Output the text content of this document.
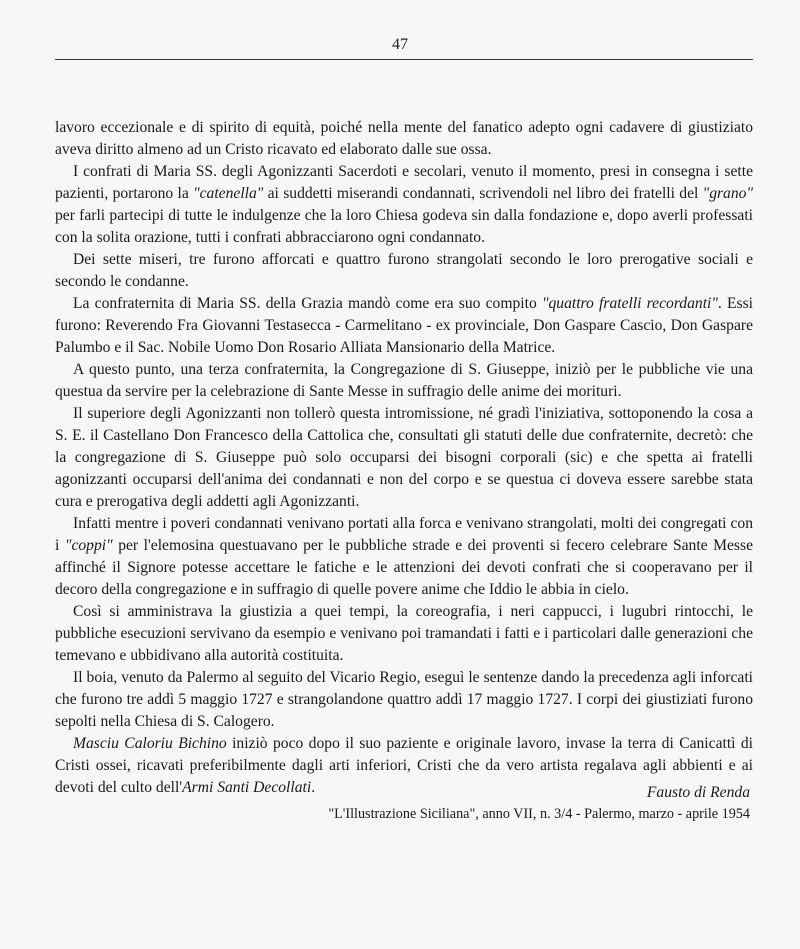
47

lavoro eccezionale e di spirito di equità, poiché nella mente del fanatico adepto ogni cadavere di giustiziato aveva diritto almeno ad un Cristo ricavato ed elaborato dalle sue ossa.

I confrati di Maria SS. degli Agonizzanti Sacerdoti e secolari, venuto il momento, presi in consegna i sette pazienti, portarono la "catenella" ai suddetti miserandi condannati, scrivendoli nel libro dei fratelli del "grano" per farli partecipi di tutte le indulgenze che la loro Chiesa godeva sin dalla fondazione e, dopo averli professati con la solita orazione, tutti i confrati abbracciarono ogni condannato.

Dei sette miseri, tre furono afforcati e quattro furono strangolati secondo le loro prerogative sociali e secondo le condanne.

La confraternita di Maria SS. della Grazia mandò come era suo compito "quattro fratelli recordanti". Essi furono: Reverendo Fra Giovanni Testasecca - Carmelitano - ex provinciale, Don Gaspare Cascio, Don Gaspare Palumbo e il Sac. Nobile Uomo Don Rosario Alliata Mansionario della Matrice.

A questo punto, una terza confraternita, la Congregazione di S. Giuseppe, iniziò per le pubbliche vie una questua da servire per la celebrazione di Sante Messe in suffragio delle anime dei morituri.

Il superiore degli Agonizzanti non tollerò questa intromissione, né gradì l'iniziativa, sottoponendo la cosa a S. E. il Castellano Don Francesco della Cattolica che, consultati gli statuti delle due confraternite, decretò: che la congregazione di S. Giuseppe può solo occuparsi dei bisogni corporali (sic) e che spetta ai fratelli agonizzanti occuparsi dell'anima dei condannati e non del corpo e se questua ci doveva essere sarebbe stata cura e prerogativa degli addetti agli Agonizzanti.

Infatti mentre i poveri condannati venivano portati alla forca e venivano strangolati, molti dei congregati con i "coppi" per l'elemosina questuavano per le pubbliche strade e dei proventi si fecero celebrare Sante Messe affinché il Signore potesse accettare le fatiche e le attenzioni dei devoti confrati che si cooperavano per il decoro della congregazione e in suffragio di quelle povere anime che Iddio le abbia in cielo.

Così si amministrava la giustizia a quei tempi, la coreografia, i neri cappucci, i lugubri rintocchi, le pubbliche esecuzioni servivano da esempio e venivano poi tramandati i fatti e i particolari dalle generazioni che temevano e ubbidivano alla autorità costituita.

Il boia, venuto da Palermo al seguito del Vicario Regio, eseguì le sentenze dando la precedenza agli inforcati che furono tre addì 5 maggio 1727 e strangolandone quattro addì 17 maggio 1727. I corpi dei giustiziati furono sepolti nella Chiesa di S. Calogero.

Masciu Caloriu Bichino iniziò poco dopo il suo paziente e originale lavoro, invase la terra di Canicattì di Cristi ossei, ricavati preferibilmente dagli arti inferiori, Cristi che da vero artista regalava agli abbienti e ai devoti del culto dell'Armi Santi Decollati.	Fausto di Renda
"L'Illustrazione Siciliana", anno VII, n. 3/4 - Palermo, marzo - aprile 1954
